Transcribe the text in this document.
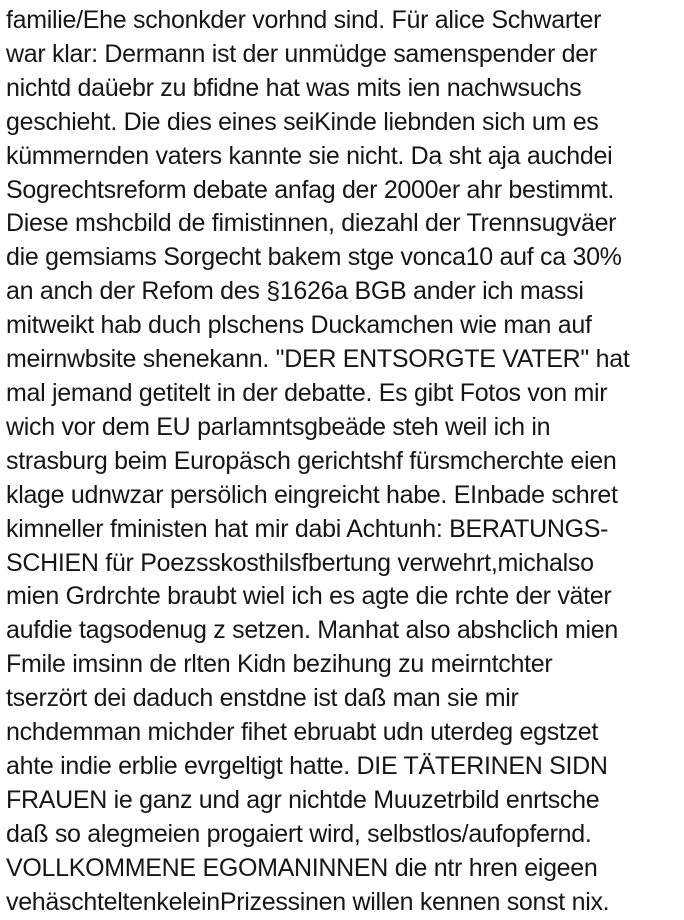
familie/Ehe schonkder vorhnd sind. Für alice Schwarter
war klar: Dermann ist der unmüdge samenspender der
nichtd daüebr zu bfidne hat was mits ien nachwsuchs
geschieht. Die dies eines seiKinde liebnden sich um es
kümmernden vaters kannte sie nicht. Da sht aja auchdei
Sogrechtsreform debate anfag der 2000er ahr bestimmt.
Diese mshcbild de fimistinnen, diezahl der Trennsugväer
die gemsiams Sorgecht bakem stge vonca10 auf ca 30%
an anch der Refom des §1626a BGB ander ich massi
mitweikt hab duch plschens Duckamchen wie man auf
meirnwbsite shenekann. "DER ENTSORGTE VATER" hat
mal jemand getitelt in der debatte. Es gibt Fotos von mir
wich vor dem EU parlamntsgbeäde steh weil ich in
strasburg beim Europäsch gerichtshf fürsmcherchte eien
klage udnwzar persölich eingreicht habe. EInbade schret
kimneller fministen hat mir dabi Achtunh: BERATUNGS-
SCHIEN für Poezsskosthilsfbertung verwehrt,michalso
mien Grdrchte braubt wiel ich es agte die rchte der väter
aufdie tagsodenug z setzen. Manhat also abshclich mien
Fmile imsinn de rlten Kidn bezihung zu meirntchter
tserzört dei daduch enstdne ist daß man sie mir
nchdemman michder fihet ebruabt udn uterdeg egstzet
ahte indie erblie evrgeltigt hatte. DIE TÄTERINEN SIDN
FRAUEN ie ganz und agr nichtde Muuzetrbild enrtsche
daß so alegmeien progaiert wird, selbstlos/aufopfernd.
VOLLKOMMENE EGOMANINNEN die ntr hren eigeen
vehäschteltenkeleinPrizessinen willen kennen sonst nix.
